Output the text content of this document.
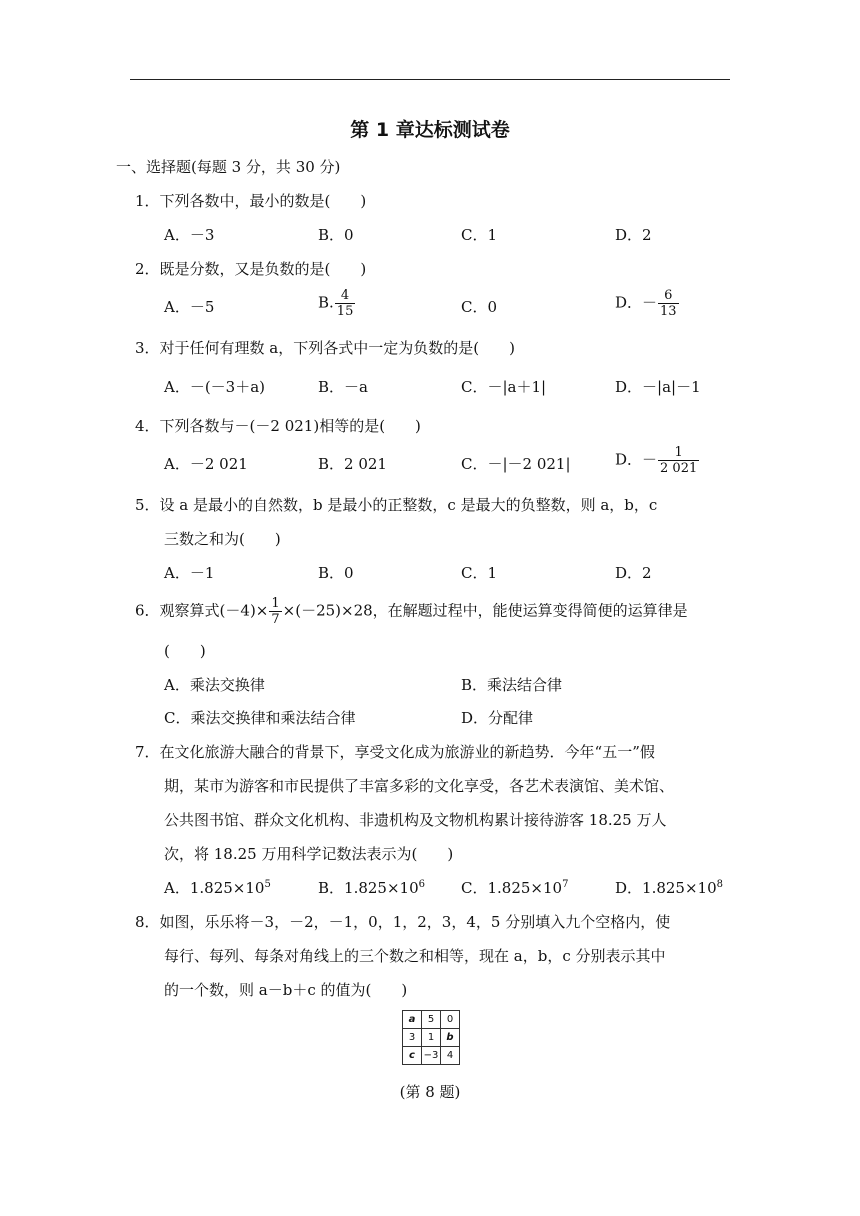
第 1 章达标测试卷
一、选择题(每题 3 分，共 30 分)
1．下列各数中，最小的数是(　　)
A．－3	B．0	C．1	D．2
2．既是分数，又是负数的是(　　)
A．－5	B. $\frac{4}{15}$	C．0	D．－ $\frac{6}{13}$
3．对于任何有理数 a，下列各式中一定为负数的是(　　)
A．－(－3＋a)	B．－a	C．－|a＋1|	D．－|a|－1
4．下列各数与－(－2 021)相等的是(　　)
A．－2 021	B．2 021	C．－|－2 021|	D．－ $\frac{1}{2 021}$
5．设 a 是最小的自然数，b 是最小的正整数，c 是最大的负整数，则 a，b，c
三数之和为(　　)
A．－1	B．0	C．1	D．2
6．观察算式$(-4)\times \frac{1}{7} \times(-25)\times 28$，在解题过程中，能使运算变得简便的运算律是
(　　)
A．乘法交换律	B．乘法结合律
C．乘法交换律和乘法结合律	D．分配律
7．在文化旅游大融合的背景下，享受文化成为旅游业的新趋势．今年“五一”假
期，某市为游客和市民提供了丰富多彩的文化享受，各艺术表演馆、美术馆、
公共图书馆、群众文化机构、非遗机构及文物机构累计接待游客 18.25 万人
次，将 18.25 万用科学记数法表示为(　　)
A．$1.825\times 10^5$	B．$1.825\times 10^6$ C．$1.825\times 10^7$	D．$1.825\times 10^8$
8．如图，乐乐将－3，－2，－1，0，1，2，3，4，5 分别填入九个空格内，使
每行、每列、每条对角线上的三个数之和相等，现在 a，b，c 分别表示其中
的一个数，则 a－b＋c 的值为(　　)
a	5	0
3	1	b
c	−3	4
(第 8 题)
